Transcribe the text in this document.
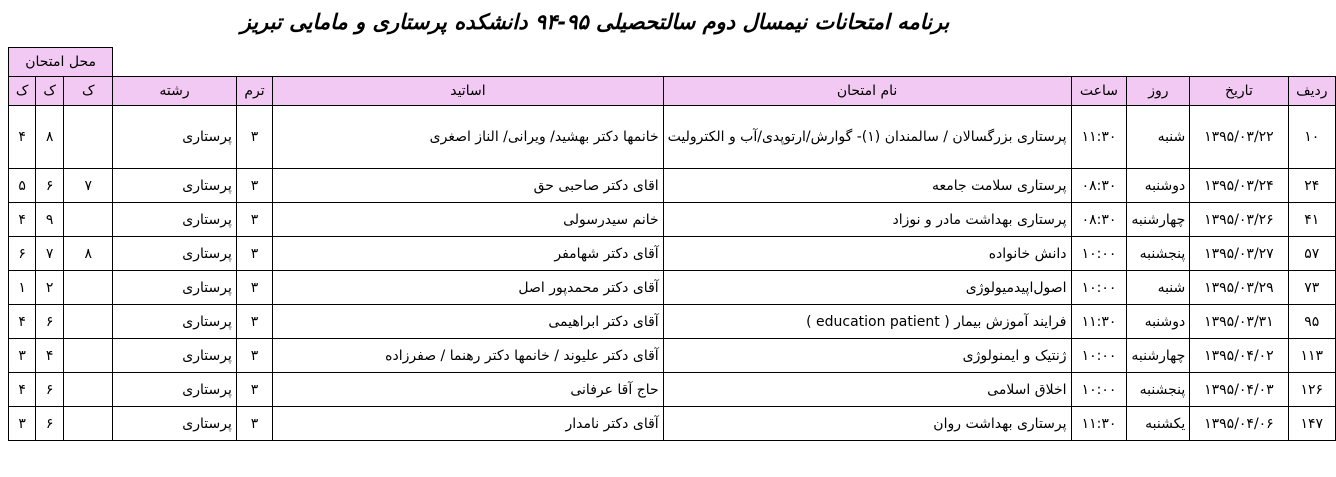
برنامه امتحانات نیمسال دوم سالتحصیلی ۹۵-۹۴ دانشکده پرستاری و مامایی تبریز
محل امتحان										
ک	ک	ک	رشته	ترم	اساتید	نام امتحان	ساعت	روز	تاریخ	ردیف
۴	۸		پرستاری	۳	خانمها دکتر بهشید/ ویرانی/ الناز اصغری	پرستاری بزرگسالان / سالمندان (۱)- گوارش/ارتوپدی/آب و الکترولیت	۱۱:۳۰	شنبه	۱۳۹۵/۰۳/۲۲	۱۰
۵	۶	۷	پرستاری	۳	اقای دکتر صاحبی حق	پرستاری سلامت جامعه	۰۸:۳۰	دوشنبه	۱۳۹۵/۰۳/۲۴	۲۴
۴	۹		پرستاری	۳	خانم سیدرسولی	پرستاری بهداشت مادر و نوزاد	۰۸:۳۰	چهارشنبه	۱۳۹۵/۰۳/۲۶	۴۱
۶	۷	۸	پرستاری	۳	آقای دکتر شهامفر	دانش خانواده	۱۰:۰۰	پنجشنبه	۱۳۹۵/۰۳/۲۷	۵۷
۱	۲		پرستاری	۳	آقای دکتر محمدپور اصل	اصول‌اپیدمیولوژی	۱۰:۰۰	شنبه	۱۳۹۵/۰۳/۲۹	۷۳
۴	۶		پرستاری	۳	آقای دکتر ابراهیمی	فرایند آموزش بیمار ( education patient )	۱۱:۳۰	دوشنبه	۱۳۹۵/۰۳/۳۱	۹۵
۳	۴		پرستاری	۳	آقای دکتر علیوند / خانمها دکتر رهنما / صفرزاده	ژنتیک و ایمنولوژی	۱۰:۰۰	چهارشنبه	۱۳۹۵/۰۴/۰۲	۱۱۳
۴	۶		پرستاری	۳	حاج آقا عرفانی	اخلاق اسلامی	۱۰:۰۰	پنجشنبه	۱۳۹۵/۰۴/۰۳	۱۲۶
۳	۶		پرستاری	۳	آقای دکتر نامدار	پرستاری بهداشت روان	۱۱:۳۰	یکشنبه	۱۳۹۵/۰۴/۰۶	۱۴۷
